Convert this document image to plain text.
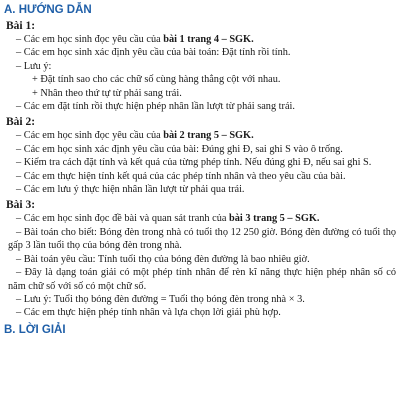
A. HƯỚNG DẪN
Bài 1:
– Các em học sinh đọc yêu cầu của bài 1 trang 4 – SGK.
– Các em học sinh xác định yêu cầu của bài toán: Đặt tính rồi tính.
– Lưu ý:
+ Đặt tính sao cho các chữ số cùng hàng thẳng cột với nhau.
+ Nhân theo thứ tự từ phải sang trái.
– Các em đặt tính rồi thực hiện phép nhân lần lượt từ phải sang trái.
Bài 2:
– Các em học sinh đọc yêu cầu của bài 2 trang 5 – SGK.
– Các em học sinh xác định yêu cầu của bài: Đúng ghi Đ, sai ghi S vào ô trống.
– Kiểm tra cách đặt tính và kết quả của từng phép tính. Nếu đúng ghi Đ, nếu sai ghi S.
– Các em thực hiện tính kết quả của các phép tính nhân và theo yêu cầu của bài.
– Các em lưu ý thực hiện nhân lần lượt từ phải qua trái.
Bài 3:
– Các em học sinh đọc đề bài và quan sát tranh của bài 3 trang 5 – SGK.
– Bài toán cho biết: Bóng đèn trong nhà có tuổi thọ 12 250 giờ. Bóng đèn đường có tuổi thọ gấp 3 lần tuổi thọ của bóng đèn trong nhà.
– Bài toán yêu cầu: Tính tuổi thọ của bóng đèn đường là bao nhiêu giờ.
– Đây là dạng toán giải có một phép tính nhân để rèn kĩ năng thực hiện phép nhân số có năm chữ số với số có một chữ số.
– Lưu ý: Tuổi thọ bóng đèn đường = Tuổi thọ bóng đèn trong nhà × 3.
– Các em thực hiện phép tính nhân và lựa chọn lời giải phù hợp.
B. LỜI GIẢI
